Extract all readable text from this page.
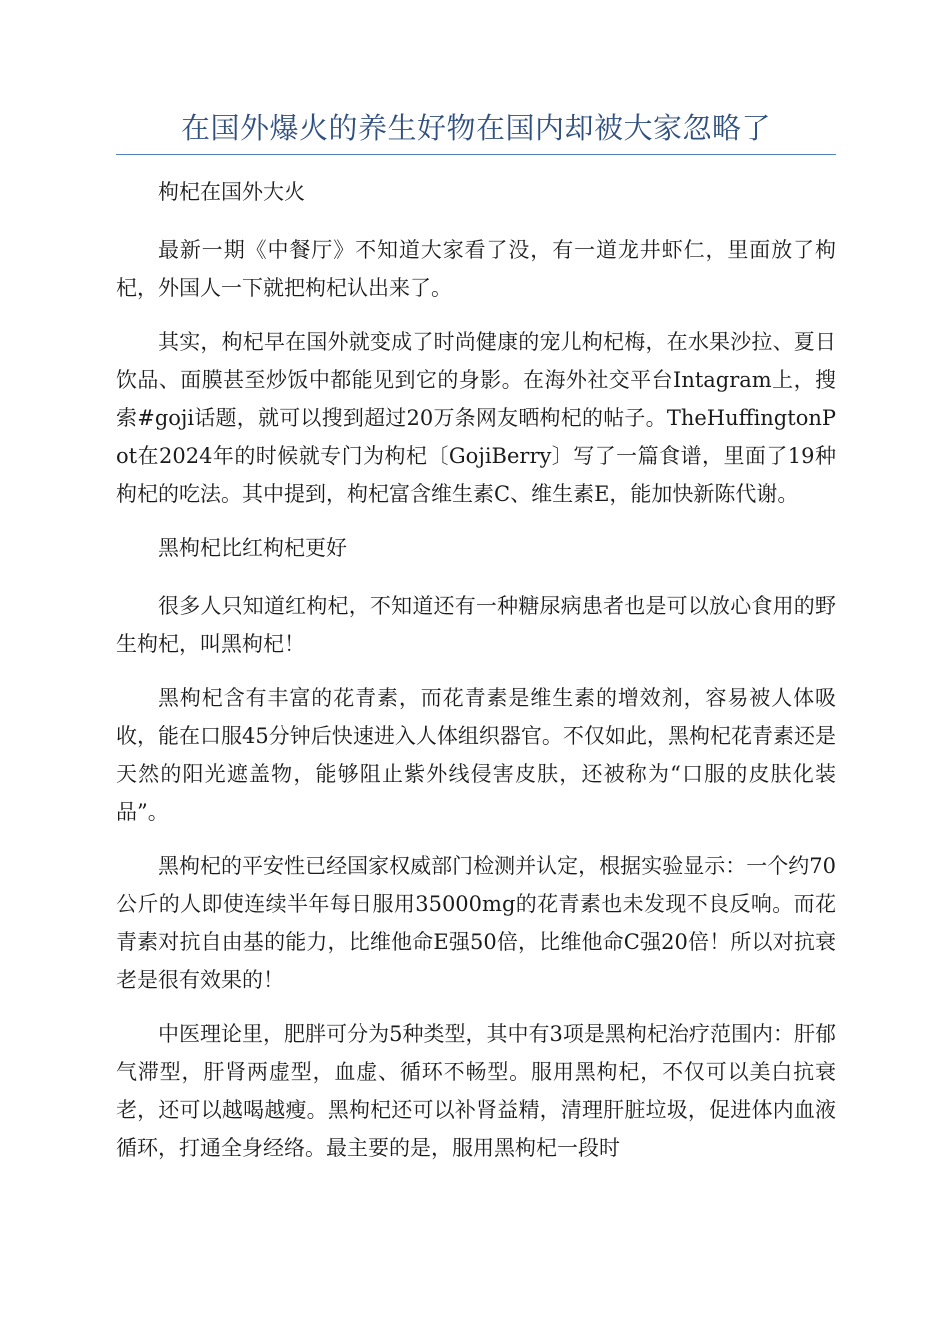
在国外爆火的养生好物在国内却被大家忽略了

枸杞在国外大火

最新一期《中餐厅》不知道大家看了没，有一道龙井虾仁，里面放了枸杞，外国人一下就把枸杞认出来了。

其实，枸杞早在国外就变成了时尚健康的宠儿枸杞梅，在水果沙拉、夏日饮品、面膜甚至炒饭中都能见到它的身影。在海外社交平台Intagram上，搜索#goji话题，就可以搜到超过20万条网友晒枸杞的帖子。TheHuffingtonPot在2024年的时候就专门为枸杞〔GojiBerry〕写了一篇食谱，里面了19种枸杞的吃法。其中提到，枸杞富含维生素C、维生素E，能加快新陈代谢。

黑枸杞比红枸杞更好

很多人只知道红枸杞，不知道还有一种糖尿病患者也是可以放心食用的野生枸杞，叫黑枸杞！

黑枸杞含有丰富的花青素，而花青素是维生素的增效剂，容易被人体吸收，能在口服45分钟后快速进入人体组织器官。不仅如此，黑枸杞花青素还是天然的阳光遮盖物，能够阻止紫外线侵害皮肤，还被称为“口服的皮肤化装品”。

黑枸杞的平安性已经国家权威部门检测并认定，根据实验显示：一个约70公斤的人即使连续半年每日服用35000mg的花青素也未发现不良反响。而花青素对抗自由基的能力，比维他命E强50倍，比维他命C强20倍！所以对抗衰老是很有效果的！

中医理论里，肥胖可分为5种类型，其中有3项是黑枸杞治疗范围内：肝郁气滞型，肝肾两虚型，血虚、循环不畅型。服用黑枸杞，不仅可以美白抗衰老，还可以越喝越瘦。黑枸杞还可以补肾益精，清理肝脏垃圾，促进体内血液循环，打通全身经络。最主要的是，服用黑枸杞一段时
